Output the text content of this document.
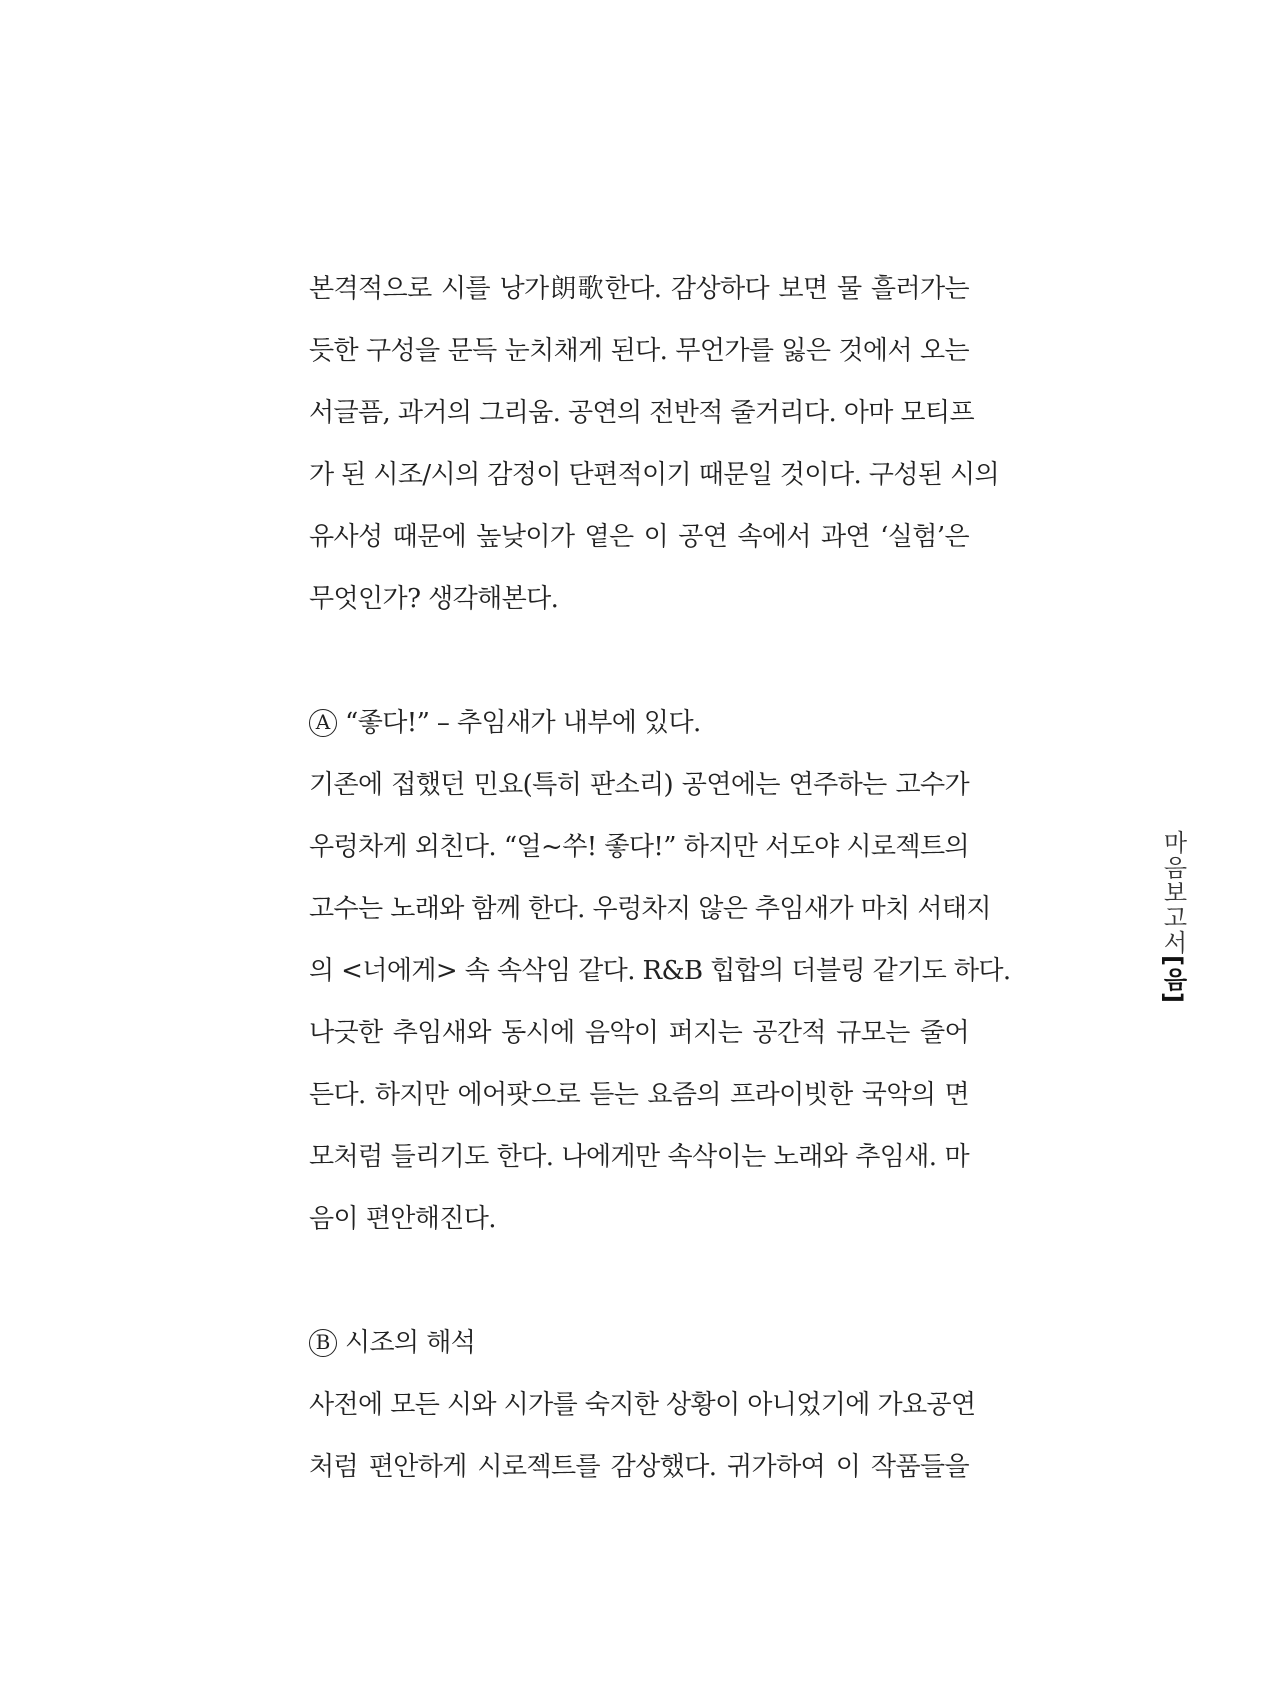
본격적으로 시를 낭가朗歌한다. 감상하다 보면 물 흘러가는
듯한 구성을 문득 눈치채게 된다. 무언가를 잃은 것에서 오는
서글픔, 과거의 그리움. 공연의 전반적 줄거리다. 아마 모티프
가 된 시조/시의 감정이 단편적이기 때문일 것이다. 구성된 시의
유사성 때문에 높낮이가 옅은 이 공연 속에서 과연 ‘실험’은
무엇인가? 생각해본다.
A “좋다!” – 추임새가 내부에 있다.
기존에 접했던 민요(특히 판소리) 공연에는 연주하는 고수가
우렁차게 외친다. “얼~쑤! 좋다!” 하지만 서도야 시로젝트의
고수는 노래와 함께 한다. 우렁차지 않은 추임새가 마치 서태지
의 <너에게> 속 속삭임 같다. R&B 힙합의 더블링 같기도 하다.
나긋한 추임새와 동시에 음악이 퍼지는 공간적 규모는 줄어
든다. 하지만 에어팟으로 듣는 요즘의 프라이빗한 국악의 면
모처럼 들리기도 한다. 나에게만 속삭이는 노래와 추임새. 마
음이 편안해진다.
B 시조의 해석
사전에 모든 시와 시가를 숙지한 상황이 아니었기에 가요공연
처럼 편안하게 시로젝트를 감상했다. 귀가하여 이 작품들을
마음보고서[음]
